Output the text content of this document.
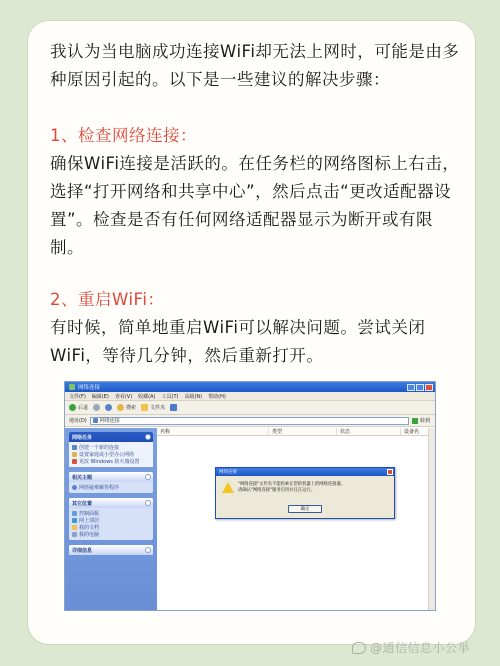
我认为当电脑成功连接WiFi却无法上网时，可能是由多种原因引起的。以下是一些建议的解决步骤：

1、检查网络连接：

确保WiFi连接是活跃的。在任务栏的网络图标上右击，选择“打开网络和共享中心”，然后点击“更改适配器设置”。检查是否有任何网络适配器显示为断开或有限制。

2、重启WiFi：

有时候，简单地重启WiFi可以解决问题。尝试关闭WiFi，等待几分钟，然后重新打开。

网络连接
文件(F) 编辑(E) 查看(V) 收藏(A) 工具(T) 高级(N) 帮助(H)
后退	搜索	文件夹
地址(D)	网络连接	转到
网络任务
创建一个新的连接
设置家庭或小型办公网络
更改 Windows 防火墙设置
相关主题
网络疑难解答程序
其它位置
控制面板
网上邻居
我的文档
我的电脑
详细信息
名称	类型	状态	设备名
网络连接
"网络连接"文件夹不能检索在您的机器上的网络连接器。
请确认"网络连接"服务启用并且在运行。
确定
@通信信息小公举
